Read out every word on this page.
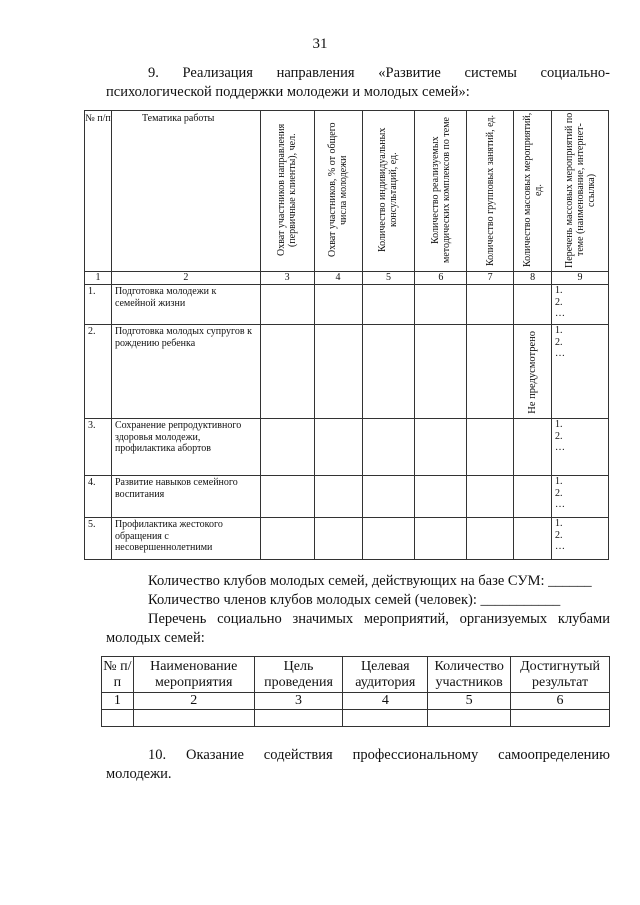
31
9. Реализация направления «Развитие системы социально-
психологической поддержки молодежи и молодых семей»:
№ п/п	Тематика работы	Охват участников направления (первичные клиенты), чел.	Охват участников, % от общего числа молодежи	Количество индивидуальных консультаций, ед.	Количество реализуемых методических комплексов по теме	Количество групповых занятий, ед.	Количество массовых мероприятий, ед.	Перечень массовых мероприятий по теме (наименование, интернет-ссылка)

1	2	3	4	5	6	7	8	9
1.	Подготовка молодежи к семейной жизни							1.
2.
…

2.	Подготовка молодых супругов к рождению ребенка						Не предусмотрено	1.
2.
…

3.	Сохранение репродуктивного здоровья молодежи, профилактика абортов							1.
2.
…

4.	Развитие навыков семейного воспитания							1.
2.
…

5.	Профилактика жестокого обращения с несовершеннолетними							1.
2.
…
Количество клубов молодых семей, действующих на базе СУМ: ______
Количество членов клубов молодых семей (человек): ___________
Перечень социально значимых мероприятий, организуемых клубами
молодых семей:
№ п/п	Наименование мероприятия	Цель проведения	Целевая аудитория	Количество участников	Достигнутый результат
1	2	3	4	5	6

10. Оказание содействия профессиональному самоопределению
молодежи.
